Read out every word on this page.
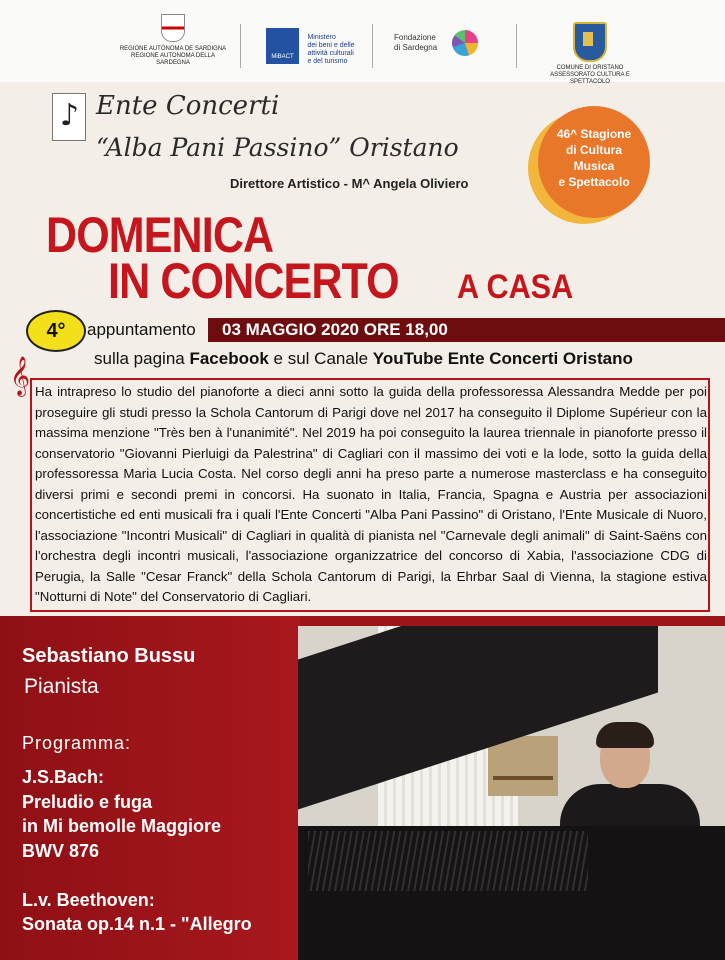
REGIONE AUTÒNOMA DE SARDIGNA
REGIONE AUTONOMA DELLA SARDEGNA
MiBACT

Ministero
dei beni e delle
attività culturali
e del turismo
Fondazione
di Sardegna

COMUNE DI ORISTANO
ASSESSORATO CULTURA E SPETTACOLO
♪ Ente Concerti
“Alba Pani Passino” Oristano
Direttore Artistico - M^ Angela Oliviero
46^ Stagione
di Cultura
Musica
e Spettacolo
DOMENICA
IN CONCERTO A CASA
4°	appuntamento 03 MAGGIO 2020 ORE 18,00
sulla pagina Facebook e sul Canale YouTube Ente Concerti Oristano
𝄞 Ha intrapreso lo studio del pianoforte a dieci anni sotto la guida della professoressa Alessandra Medde per poi proseguire gli studi presso la Schola Cantorum di Parigi dove nel 2017 ha conseguito il Diplome Supérieur con la massima menzione "Très ben à l'unanimité". Nel 2019 ha poi conseguito la laurea triennale in pianoforte presso il conservatorio "Giovanni Pierluigi da Palestrina" di Cagliari con il massimo dei voti e la lode, sotto la guida della professoressa Maria Lucia Costa. Nel corso degli anni ha preso parte a numerose masterclass e ha conseguito diversi primi e secondi premi in concorsi. Ha suonato in Italia, Francia, Spagna e Austria per associazioni concertistiche ed enti musicali fra i quali l'Ente Concerti "Alba Pani Passino" di Oristano, l'Ente Musicale di Nuoro, l'associazione "Incontri Musicali" di Cagliari in qualità di pianista nel "Carnevale degli animali" di Saint-Saëns con l'orchestra degli incontri musicali, l'associazione organizzatrice del concorso di Xabia, l'associazione CDG di Perugia, la Salle "Cesar Franck" della Schola Cantorum di Parigi, la Ehrbar Saal di Vienna, la stagione estiva "Notturni di Note" del Conservatorio di Cagliari.
Sebastiano Bussu
Pianista
Programma:
J.S.Bach:
Preludio e fuga
in Mi bemolle Maggiore
BWV 876
L.v. Beethoven:
Sonata op.14 n.1 - "Allegro
